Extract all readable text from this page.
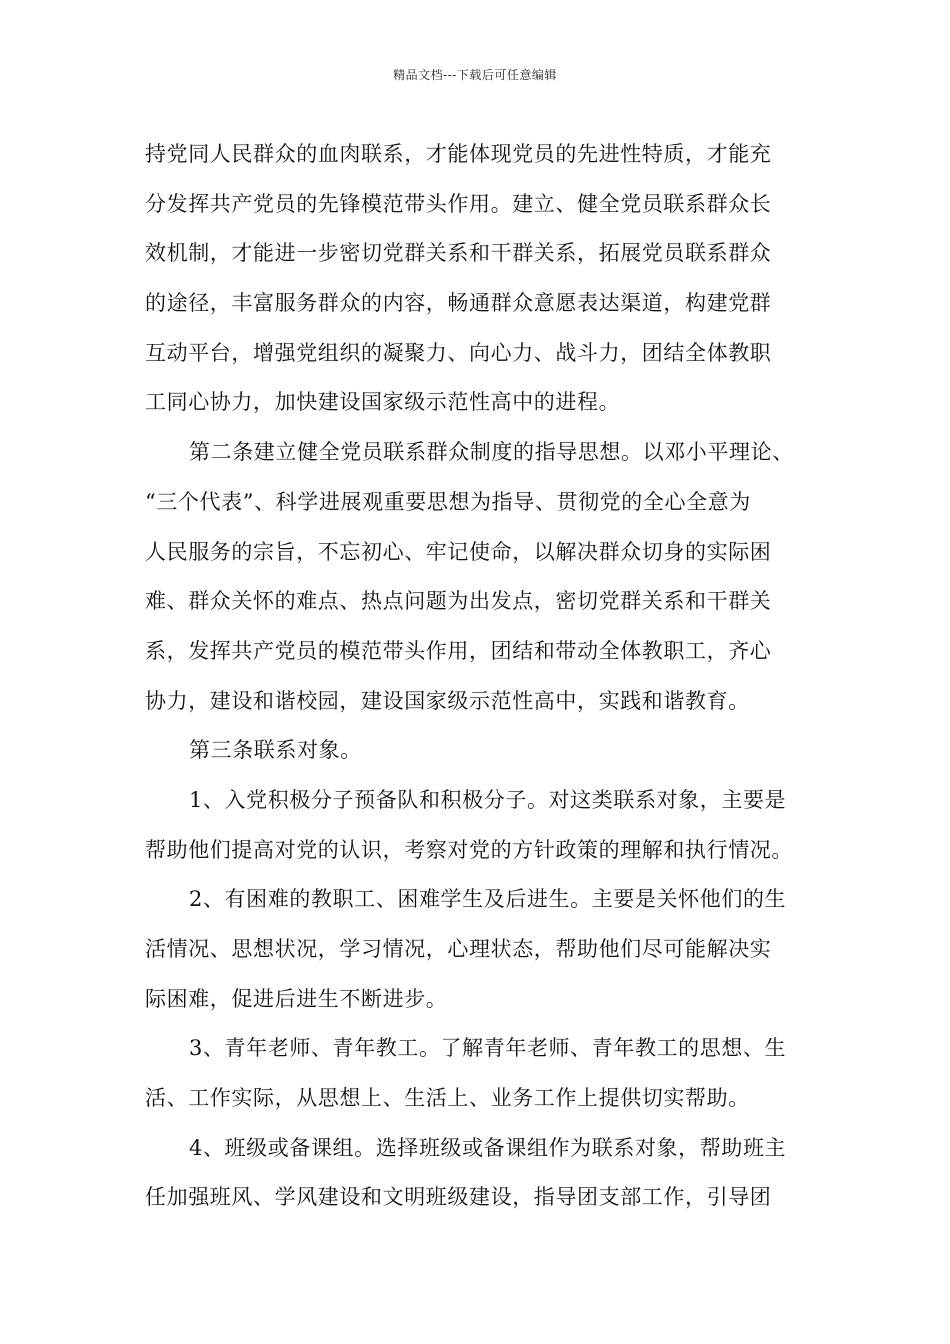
精品文档---下载后可任意编辑
持党同人民群众的血肉联系，才能体现党员的先进性特质，才能充
分发挥共产党员的先锋模范带头作用。建立、健全党员联系群众长
效机制，才能进一步密切党群关系和干群关系，拓展党员联系群众
的途径，丰富服务群众的内容，畅通群众意愿表达渠道，构建党群
互动平台，增强党组织的凝聚力、向心力、战斗力，团结全体教职
工同心协力，加快建设国家级示范性高中的进程。
第二条建立健全党员联系群众制度的指导思想。以邓小平理论、
“三个代表”、科学进展观重要思想为指导、贯彻党的全心全意为
人民服务的宗旨，不忘初心、牢记使命，以解决群众切身的实际困
难、群众关怀的难点、热点问题为出发点，密切党群关系和干群关
系，发挥共产党员的模范带头作用，团结和带动全体教职工，齐心
协力，建设和谐校园，建设国家级示范性高中，实践和谐教育。
第三条联系对象。
1、入党积极分子预备队和积极分子。对这类联系对象，主要是
帮助他们提高对党的认识，考察对党的方针政策的理解和执行情况。
2、有困难的教职工、困难学生及后进生。主要是关怀他们的生
活情况、思想状况，学习情况，心理状态，帮助他们尽可能解决实
际困难，促进后进生不断进步。
3、青年老师、青年教工。了解青年老师、青年教工的思想、生
活、工作实际，从思想上、生活上、业务工作上提供切实帮助。
4、班级或备课组。选择班级或备课组作为联系对象，帮助班主
任加强班风、学风建设和文明班级建设，指导团支部工作，引导团
